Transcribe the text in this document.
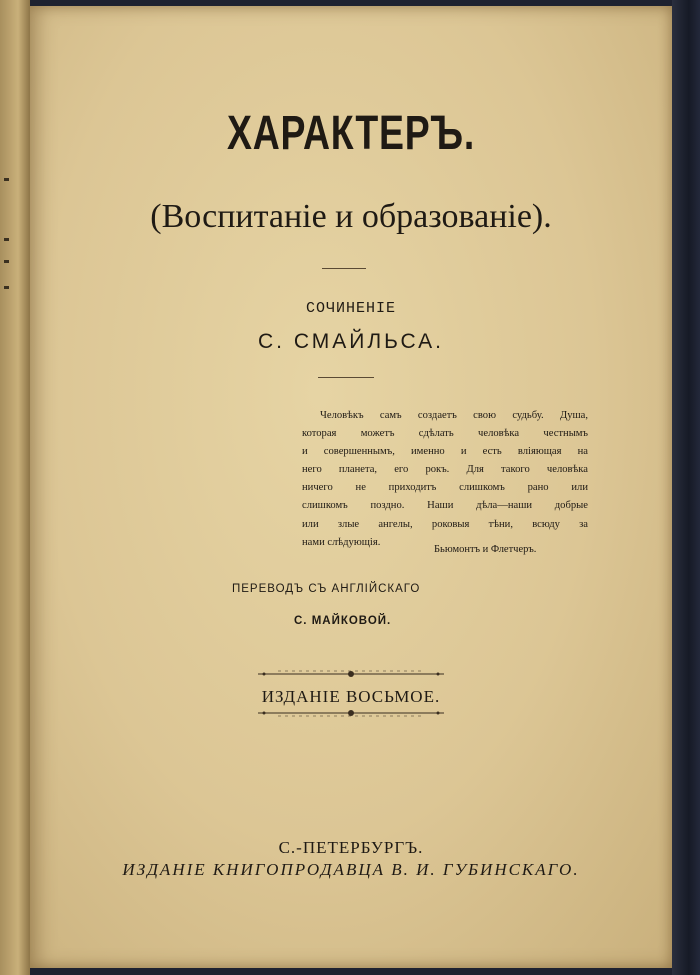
ХАРАКТЕРЪ.
(Воспитаніе и образованіе).
СОЧИНЕНІЕ
С. СМАЙЛЬСА.
Человѣкъ самъ создаетъ свою судьбу. Душа,
которая можетъ сдѣлать человѣка честнымъ
и совершеннымъ, именно и есть вліяющая на
него планета, его рокъ. Для такого человѣка
ничего не приходитъ слишкомъ рано или
слишкомъ поздно. Наши дѣла—наши добрые
или злые ангелы, роковыя тѣни, всюду за
нами слѣдующія.
Бьюмонтъ и Флетчеръ.
ПЕРЕВОДЪ СЪ АНГЛІЙСКАГО
С. МАЙКОВОЙ.
ИЗДАНІЕ ВОСЬМОЕ.
С.-ПЕТЕРБУРГЪ.
ИЗДАНІЕ КНИГОПРОДАВЦА В. И. ГУБИНСКАГО.
